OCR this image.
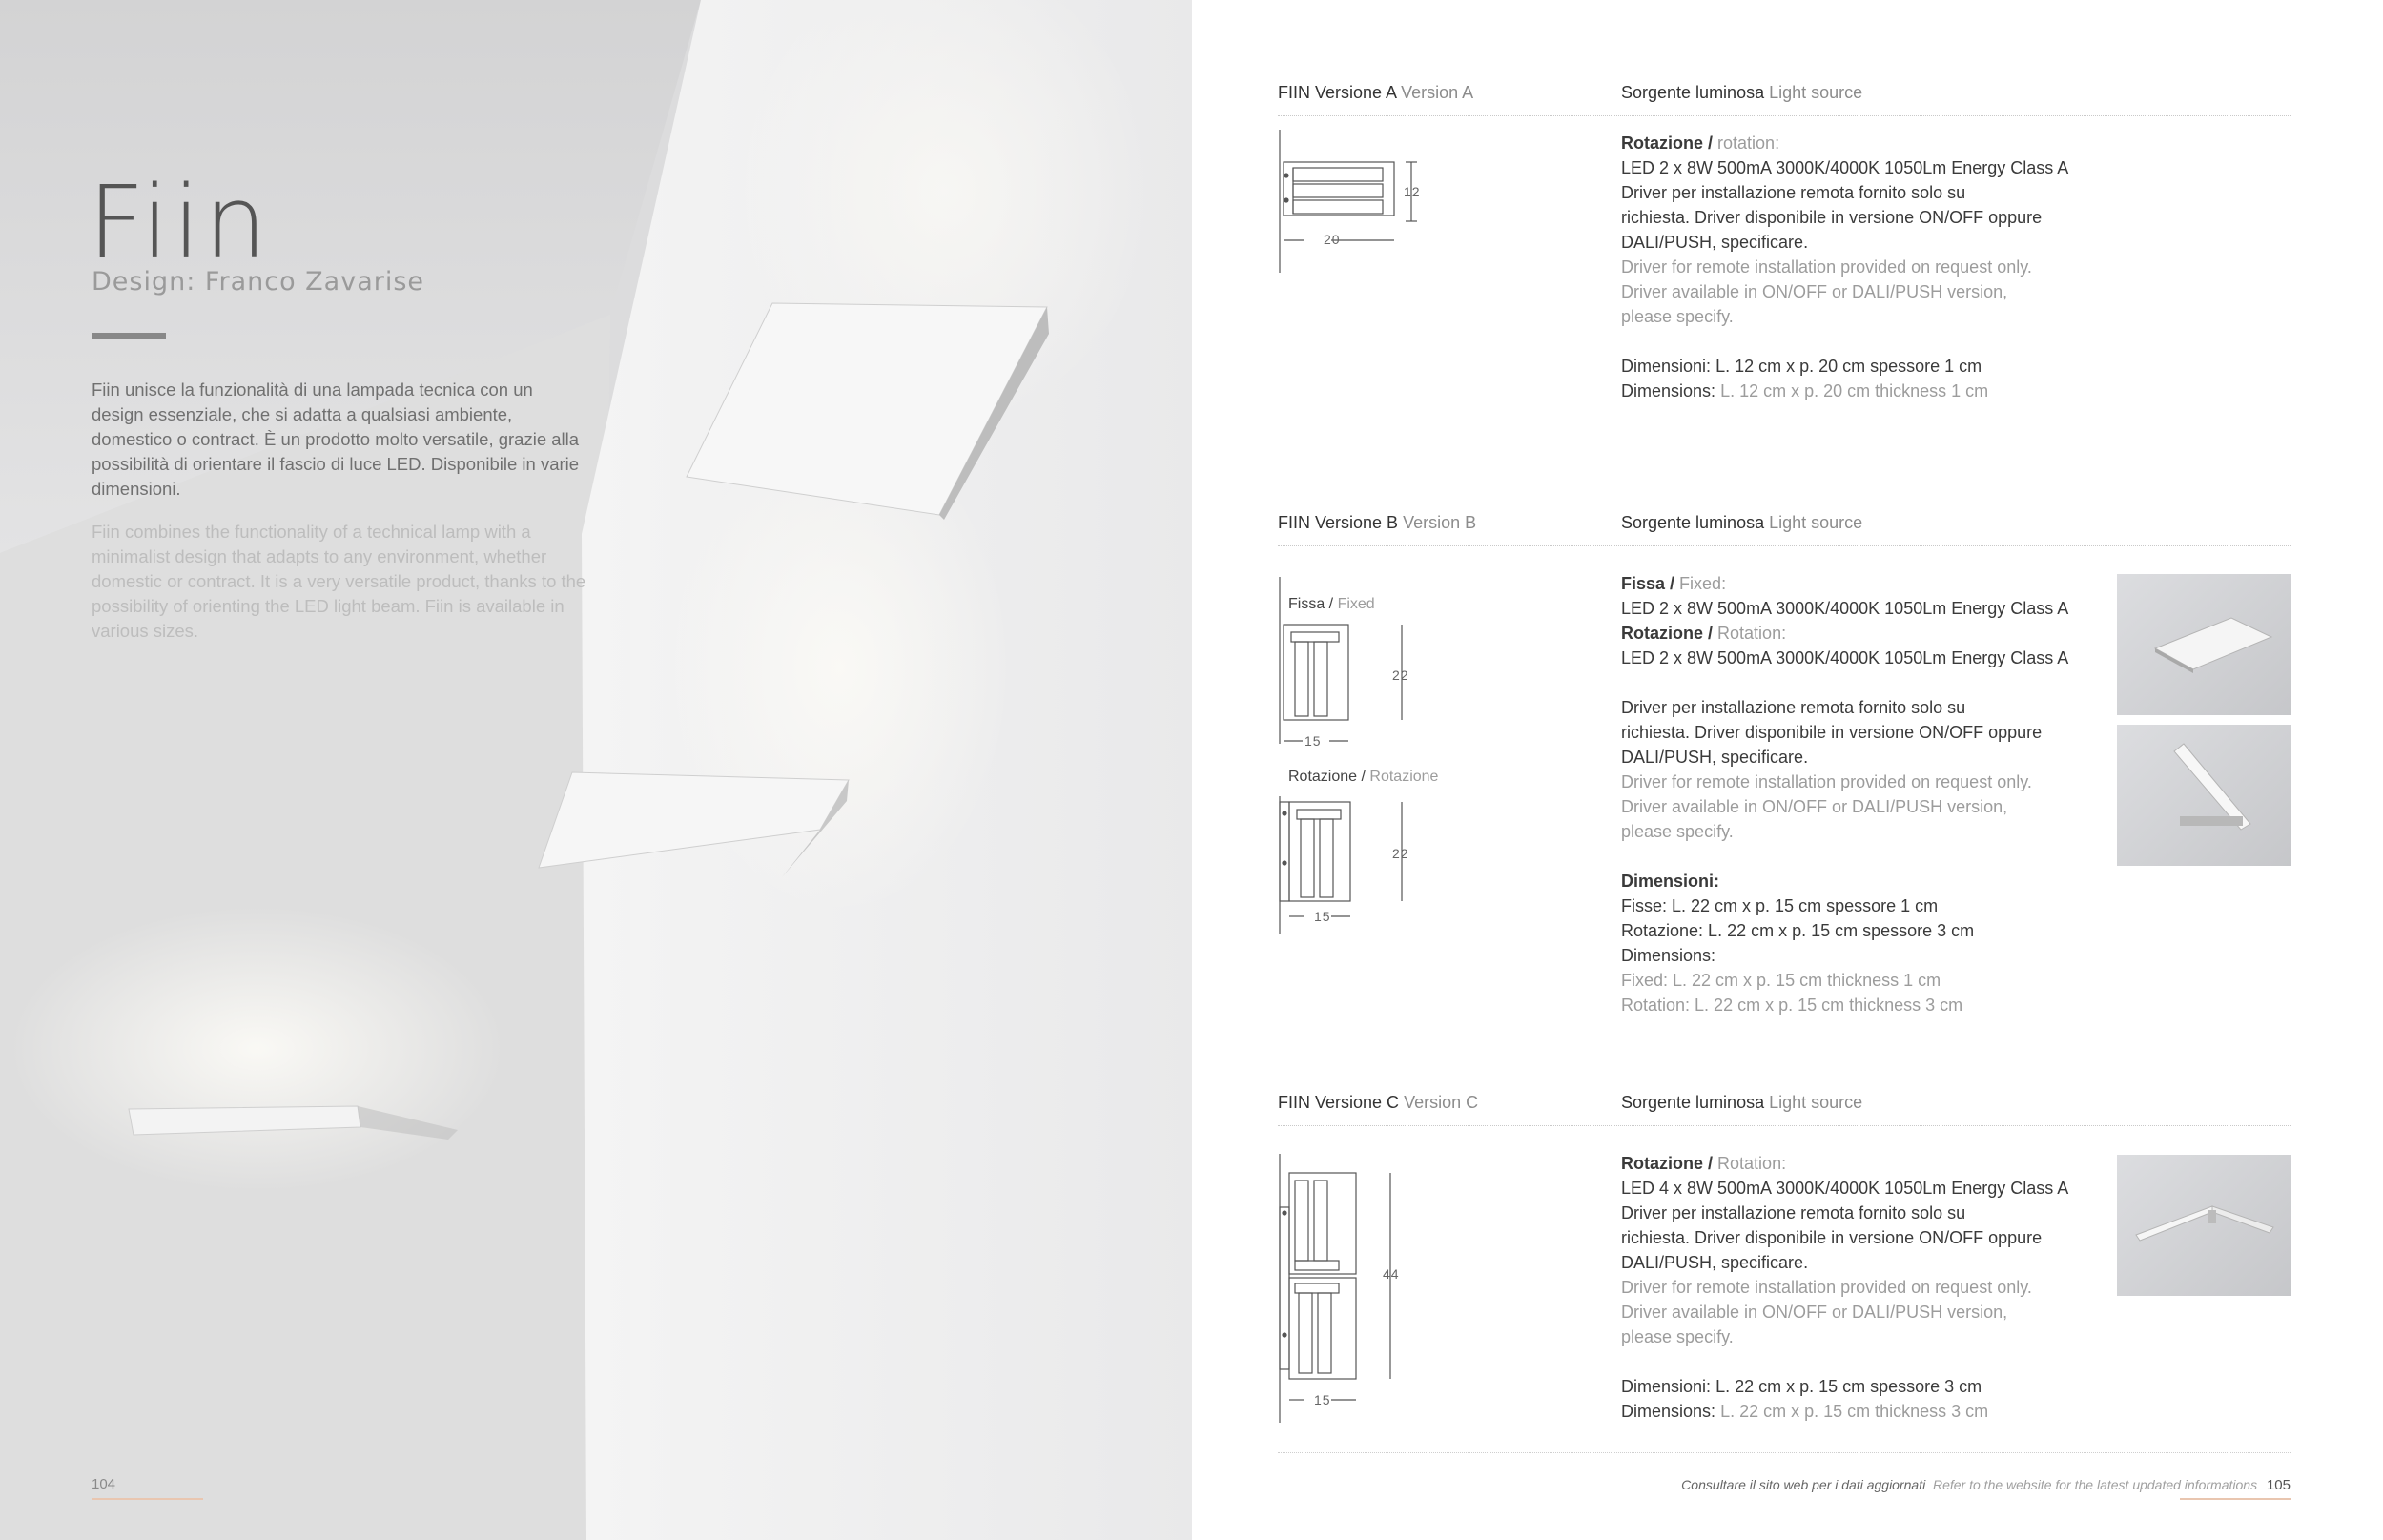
Fiin
Design: Franco Zavarise
Fiin unisce la funzionalità di una lampada tecnica con un design essenziale, che si adatta a qualsiasi ambiente, domestico o contract. È un prodotto molto versatile, grazie alla possibilità di orientare il fascio di luce LED. Disponibile in varie dimensioni.
Fiin combines the functionality of a technical lamp with a minimalist design that adapts to any environment, whether domestic or contract. It is a very versatile product, thanks to the possibility of orienting the LED light beam. Fiin is available in various sizes.
104
FIIN Versione A Version A	Sorgente luminosa Light source
12
20
Rotazione / rotation:
LED 2 x 8W 500mA 3000K/4000K 1050Lm Energy Class A
Driver per installazione remota fornito solo su
richiesta. Driver disponibile in versione ON/OFF oppure
DALI/PUSH, specificare.
Driver for remote installation provided on request only.
Driver available in ON/OFF or DALI/PUSH version,
please specify.
Dimensioni: L. 12 cm x p. 20 cm spessore 1 cm
Dimensions: L. 12 cm x p. 20 cm thickness 1 cm
FIIN Versione B Version B	Sorgente luminosa Light source
Fissa / Fixed
22
15
Rotazione / Rotazione
22
15
Fissa / Fixed:
LED 2 x 8W 500mA 3000K/4000K 1050Lm Energy Class A
Rotazione / Rotation:
LED 2 x 8W 500mA 3000K/4000K 1050Lm Energy Class A
Driver per installazione remota fornito solo su
richiesta. Driver disponibile in versione ON/OFF oppure
DALI/PUSH, specificare.
Driver for remote installation provided on request only.
Driver available in ON/OFF or DALI/PUSH version,
please specify.
Dimensioni:
Fisse: L. 22 cm x p. 15 cm spessore 1 cm
Rotazione: L. 22 cm x p. 15 cm spessore 3 cm
Dimensions:
Fixed: L. 22 cm x p. 15 cm thickness 1 cm
Rotation: L. 22 cm x p. 15 cm thickness 3 cm
FIIN Versione C Version C	Sorgente luminosa Light source
44
15
Rotazione / Rotation:
LED 4 x 8W 500mA 3000K/4000K 1050Lm Energy Class A
Driver per installazione remota fornito solo su
richiesta. Driver disponibile in versione ON/OFF oppure
DALI/PUSH, specificare.
Driver for remote installation provided on request only.
Driver available in ON/OFF or DALI/PUSH version,
please specify.
Dimensioni: L. 22 cm x p. 15 cm spessore 3 cm
Dimensions: L. 22 cm x p. 15 cm thickness 3 cm
Consultare il sito web per i dati aggiornati Refer to the website for the latest updated informations 105
